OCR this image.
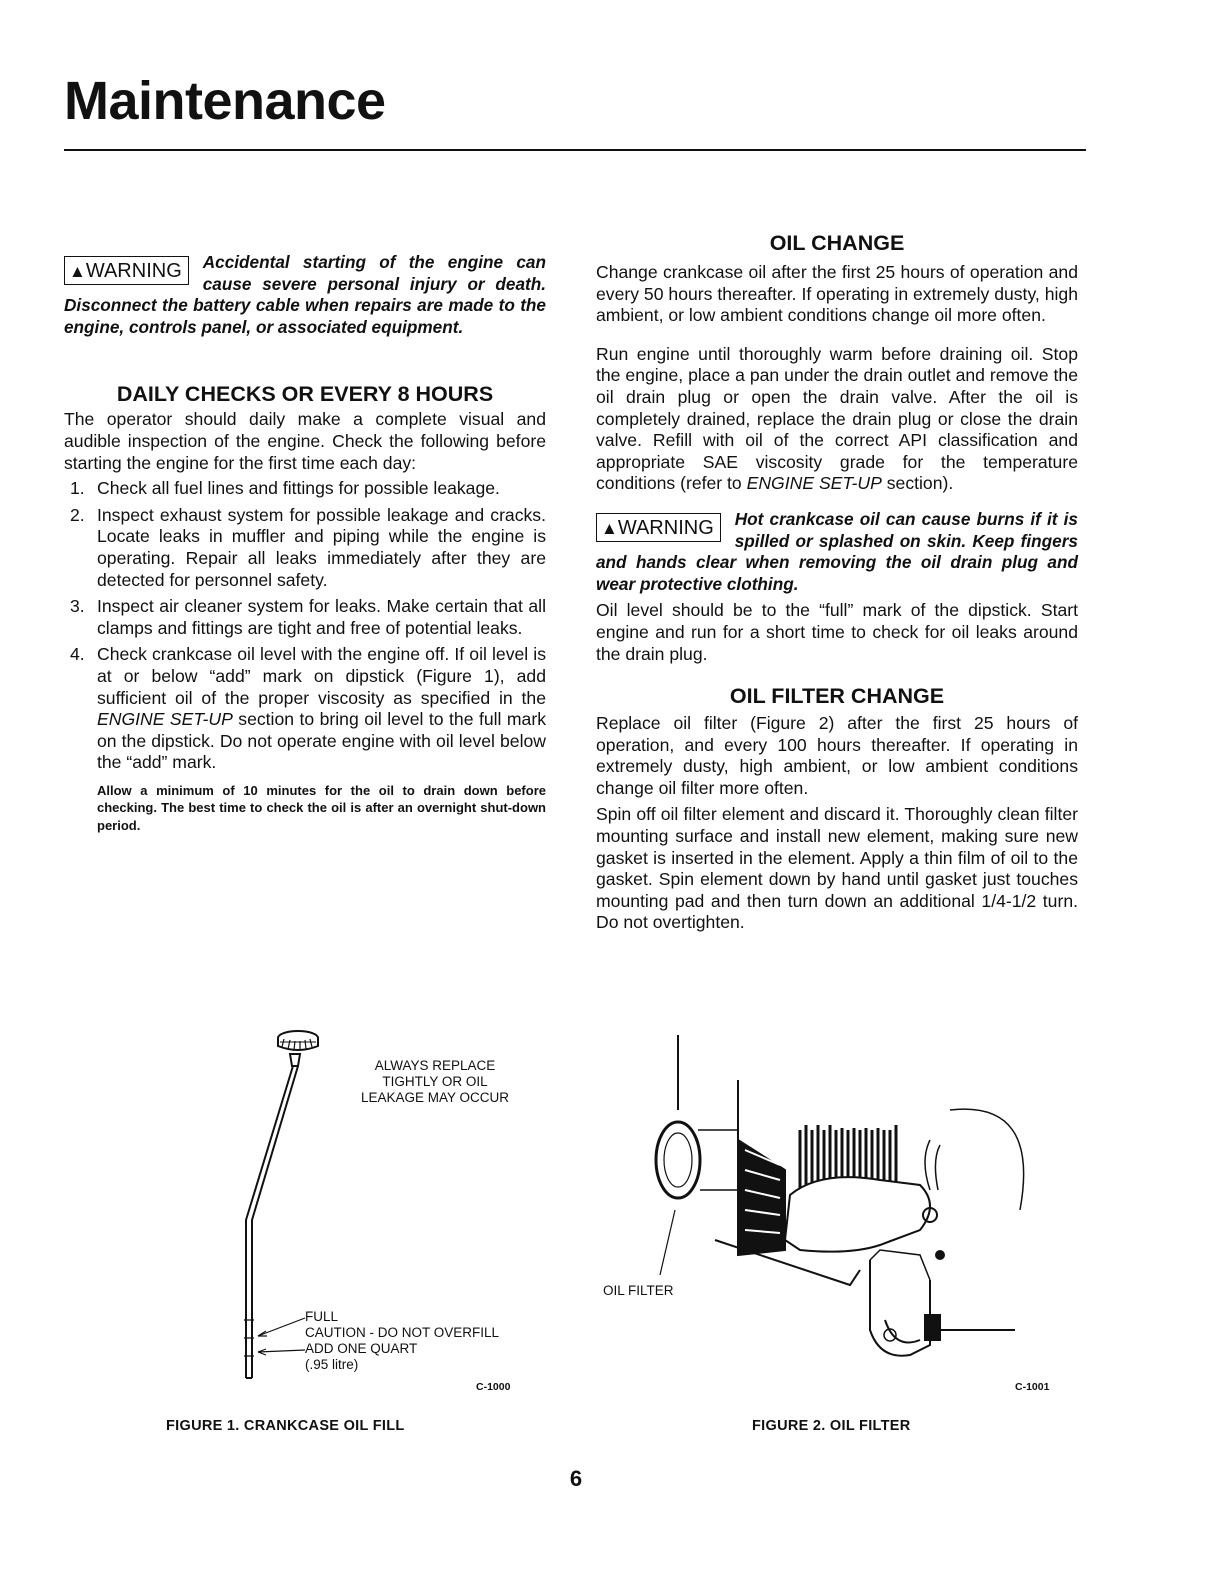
Maintenance
▲WARNING	Accidental starting of the engine can cause severe personal injury or death. Disconnect the battery cable when repairs are made to the engine, controls panel, or associated equipment.
DAILY CHECKS OR EVERY 8 HOURS

The operator should daily make a complete visual and audible inspection of the engine. Check the following before starting the engine for the first time each day:

1. Check all fuel lines and fittings for possible leakage.
2. Inspect exhaust system for possible leakage and cracks. Locate leaks in muffler and piping while the engine is operating. Repair all leaks immediately after they are detected for personnel safety.
3. Inspect air cleaner system for leaks. Make certain that all clamps and fittings are tight and free of potential leaks.
4. Check crankcase oil level with the engine off. If oil level is at or below “add” mark on dipstick (Figure 1), add sufficient oil of the proper viscosity as specified in the ENGINE SET-UP section to bring oil level to the full mark on the dipstick. Do not operate engine with oil level below the “add” mark.
Allow a minimum of 10 minutes for the oil to drain down before checking. The best time to check the oil is after an overnight shut-down period.
OIL CHANGE

Change crankcase oil after the first 25 hours of operation and every 50 hours thereafter. If operating in extremely dusty, high ambient, or low ambient conditions change oil more often.

Run engine until thoroughly warm before draining oil. Stop the engine, place a pan under the drain outlet and remove the oil drain plug or open the drain valve. After the oil is completely drained, replace the drain plug or close the drain valve. Refill with oil of the correct API classification and appropriate SAE viscosity grade for the temperature conditions (refer to ENGINE SET-UP section).

▲WARNING	Hot crankcase oil can cause burns if it is spilled or splashed on skin. Keep fingers and hands clear when removing the oil drain plug and wear protective clothing.

Oil level should be to the “full” mark of the dipstick. Start engine and run for a short time to check for oil leaks around the drain plug.

OIL FILTER CHANGE

Replace oil filter (Figure 2) after the first 25 hours of operation, and every 100 hours thereafter. If operating in extremely dusty, high ambient, or low ambient conditions change oil filter more often.

Spin off oil filter element and discard it. Thoroughly clean filter mounting surface and install new element, making sure new gasket is inserted in the element. Apply a thin film of oil to the gasket. Spin element down by hand until gasket just touches mounting pad and then turn down an additional 1/4-1/2 turn. Do not overtighten.

ALWAYS REPLACE
TIGHTLY OR OIL
LEAKAGE MAY OCCUR
FULL
CAUTION - DO NOT OVERFILL
ADD ONE QUART
(.95 litre)
C-1000
FIGURE 1. CRANKCASE OIL FILL
OIL FILTER
C-1001
FIGURE 2. OIL FILTER
6
